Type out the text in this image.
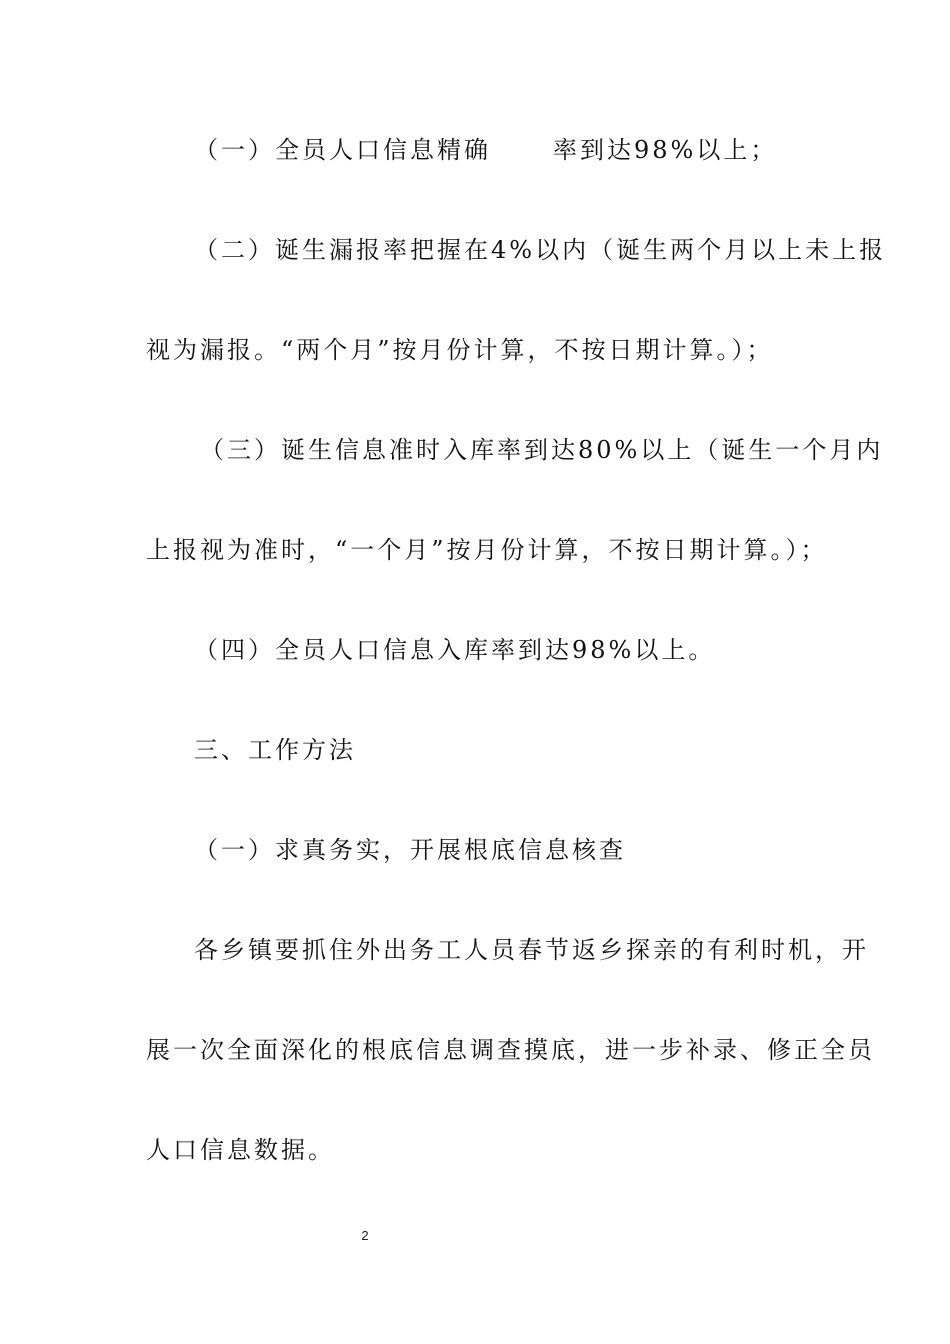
（一）全员人口信息精确	率到达98%以上；
（二）诞生漏报率把握在4%以内（诞生两个月以上未上报
视为漏报。“两个月”按月份计算，不按日期计算。）；
（三）诞生信息准时入库率到达80%以上（诞生一个月内
上报视为准时，“一个月”按月份计算，不按日期计算。）；
（四）全员人口信息入库率到达98%以上。
三、工作方法
（一）求真务实，开展根底信息核查
各乡镇要抓住外出务工人员春节返乡探亲的有利时机，开
展一次全面深化的根底信息调查摸底，进一步补录、修正全员
人口信息数据。
2
